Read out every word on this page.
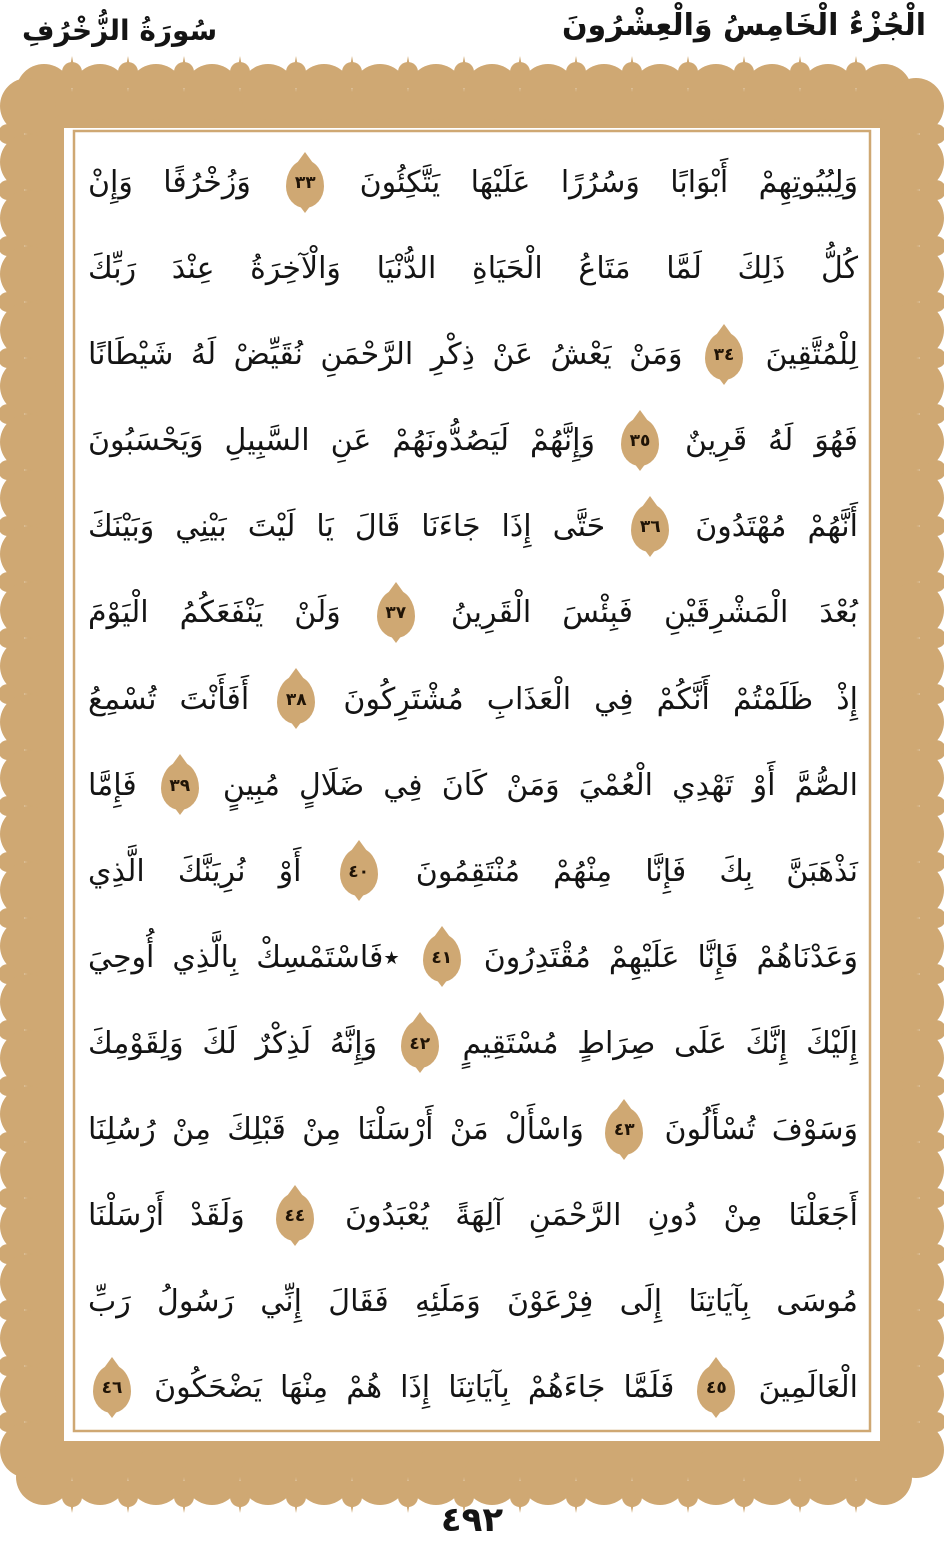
الْجُزْءُ الْخَامِسُ وَالْعِشْرُونَ
سُورَةُ الزُّخْرُفِ
وَلِبُيُوتِهِمْ أَبْوَابًا وَسُرُرًا عَلَيْهَا يَتَّكِئُونَ
٣٣
وَزُخْرُفًا وَإِنْ
كُلُّ ذَلِكَ لَمَّا مَتَاعُ الْحَيَاةِ الدُّنْيَا وَالْآخِرَةُ عِنْدَ رَبِّكَ
لِلْمُتَّقِينَ
٣٤
وَمَنْ يَعْشُ عَنْ ذِكْرِ الرَّحْمَنِ نُقَيِّضْ لَهُ شَيْطَانًا
فَهُوَ لَهُ قَرِينٌ
٣٥
وَإِنَّهُمْ لَيَصُدُّونَهُمْ عَنِ السَّبِيلِ وَيَحْسَبُونَ
أَنَّهُمْ مُهْتَدُونَ
٣٦
حَتَّى إِذَا جَاءَنَا قَالَ يَا لَيْتَ بَيْنِي وَبَيْنَكَ
بُعْدَ الْمَشْرِقَيْنِ فَبِئْسَ الْقَرِينُ
٣٧
وَلَنْ يَنْفَعَكُمُ الْيَوْمَ
إِذْ ظَلَمْتُمْ أَنَّكُمْ فِي الْعَذَابِ مُشْتَرِكُونَ
٣٨
أَفَأَنْتَ تُسْمِعُ
الصُّمَّ أَوْ تَهْدِي الْعُمْيَ وَمَنْ كَانَ فِي ضَلَالٍ مُبِينٍ
٣٩
فَإِمَّا
نَذْهَبَنَّ بِكَ فَإِنَّا مِنْهُمْ مُنْتَقِمُونَ
٤٠
أَوْ نُرِيَنَّكَ الَّذِي
وَعَدْنَاهُمْ فَإِنَّا عَلَيْهِمْ مُقْتَدِرُونَ
٤١
٭فَاسْتَمْسِكْ بِالَّذِي أُوحِيَ
إِلَيْكَ إِنَّكَ عَلَى صِرَاطٍ مُسْتَقِيمٍ
٤٢
وَإِنَّهُ لَذِكْرٌ لَكَ وَلِقَوْمِكَ
وَسَوْفَ تُسْأَلُونَ
٤٣
وَاسْأَلْ مَنْ أَرْسَلْنَا مِنْ قَبْلِكَ مِنْ رُسُلِنَا
أَجَعَلْنَا مِنْ دُونِ الرَّحْمَنِ آلِهَةً يُعْبَدُونَ
٤٤
وَلَقَدْ أَرْسَلْنَا
مُوسَى بِآيَاتِنَا إِلَى فِرْعَوْنَ وَمَلَئِهِ فَقَالَ إِنِّي رَسُولُ رَبِّ
الْعَالَمِينَ
٤٥
فَلَمَّا جَاءَهُمْ بِآيَاتِنَا إِذَا هُمْ مِنْهَا يَضْحَكُونَ
٤٦
٤٩٢
